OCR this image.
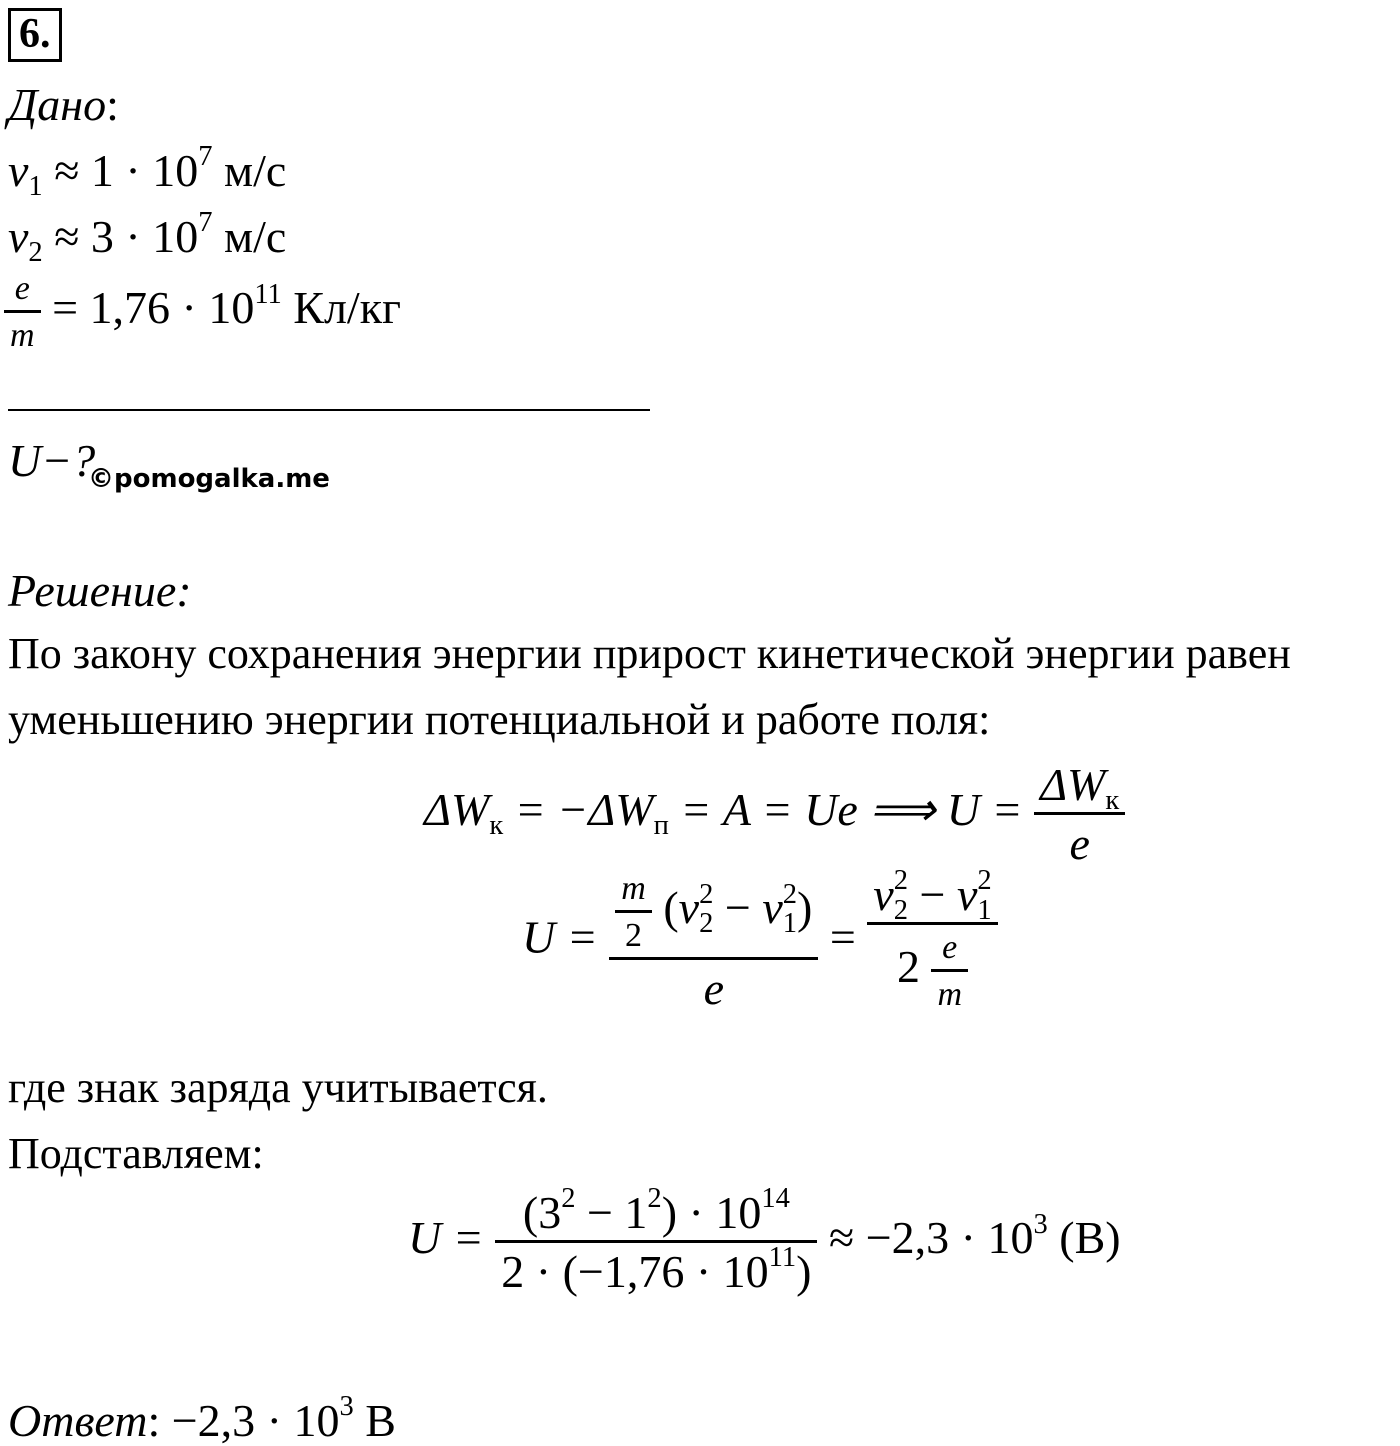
6.
Дано:
$v_1 \approx 1 \cdot 10^7$ м/с
$v_2 \approx 3 \cdot 10^7$ м/с
$\frac{e}{m} = 1,76 \cdot 10^{11}$ Кл/кг
U−?
©pomogalka.me
Решение:
По закону сохранения энергии прирост кинетической энергии равен
уменьшению энергии потенциальной и работе поля:
$\Delta W_к = -\Delta W_п = A = Ue$ ⟹ $U = \frac{\Delta W_к}{e}$
$U = \frac{\frac{m}{2} (v^2_2 - v^2_1)}{e} = \frac{v^2_2 - v^2_1}{2 \frac{e}{m}}$
где знак заряда учитывается.
Подставляем:
$U = \frac{(3^2 - 1^2) \cdot 10^{14}}{2 \cdot (-1,76 \cdot 10^{11})} \approx -2,3 \cdot 10^3$ (В)
Ответ: $-2,3 \cdot 10^3$ В
